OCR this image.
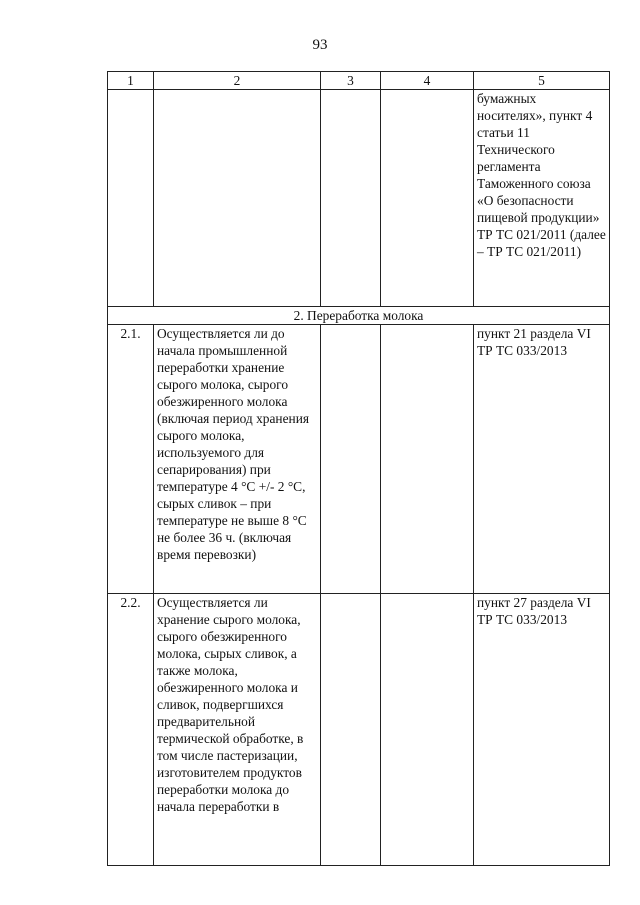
93
1	2	3	4	5
				бумажных носителях», пункт 4 статьи 11 Технического регламента Таможенного союза «О безопасности пищевой продукции» ТР ТС 021/2011 (далее – ТР ТС 021/2011)
2. Переработка молока				
2.1.	Осуществляется ли до начала промышленной переработки хранение сырого молока, сырого обезжиренного молока (включая период хранения сырого молока, используемого для сепарирования) при температуре 4 °С +/- 2 °С, сырых сливок – при температуре не выше 8 °С не более 36 ч. (включая время перевозки)			пункт 21 раздела VI ТР ТС 033/2013
2.2.	Осуществляется ли хранение сырого молока, сырого обезжиренного молока, сырых сливок, а также молока, обезжиренного молока и сливок, подвергшихся предварительной термической обработке, в том числе пастеризации, изготовителем продуктов переработки молока до начала переработки в			пункт 27 раздела VI ТР ТС 033/2013
